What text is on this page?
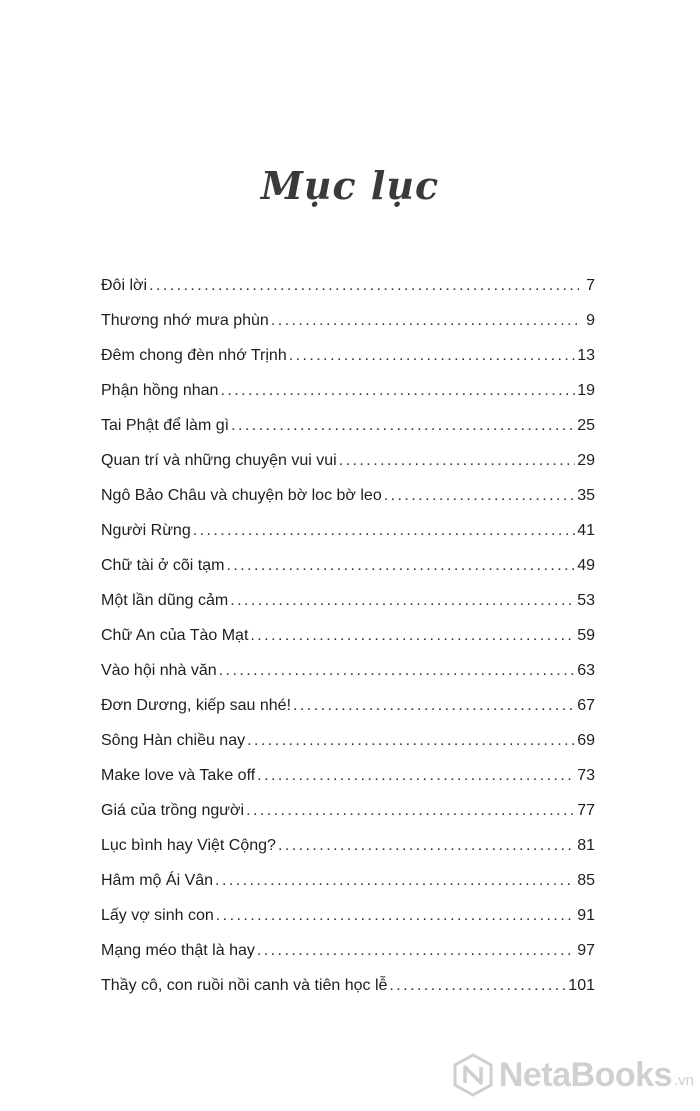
Mục lục
Đôi lời . . .	7
Thương nhớ mưa phùn . . .	9
Đêm chong đèn nhớ Trịnh . . .	13
Phận hồng nhan . . .	19
Tai Phật để làm gì . . .	25
Quan trí và những chuyện vui vui . . .	29
Ngô Bảo Châu và chuyện bờ loc bờ leo . . .	35
Người Rừng . . .	41
Chữ tài ở cõi tạm . . .	49
Một lần dũng cảm . . .	53
Chữ An của Tào Mạt . . .	59
Vào hội nhà văn . . .	63
Đơn Dương, kiếp sau nhé! . . .	67
Sông Hàn chiều nay . . .	69
Make love và Take off . . .	73
Giá của trồng người . . .	77
Lục bình hay Việt Cộng? . . .	81
Hâm mộ Ái Vân . . .	85
Lấy vợ sinh con . . .	91
Mạng méo thật là hay . . .	97
Thầy cô, con ruồi nồi canh và tiên học lễ . . .	101
NetaBooks .vn
